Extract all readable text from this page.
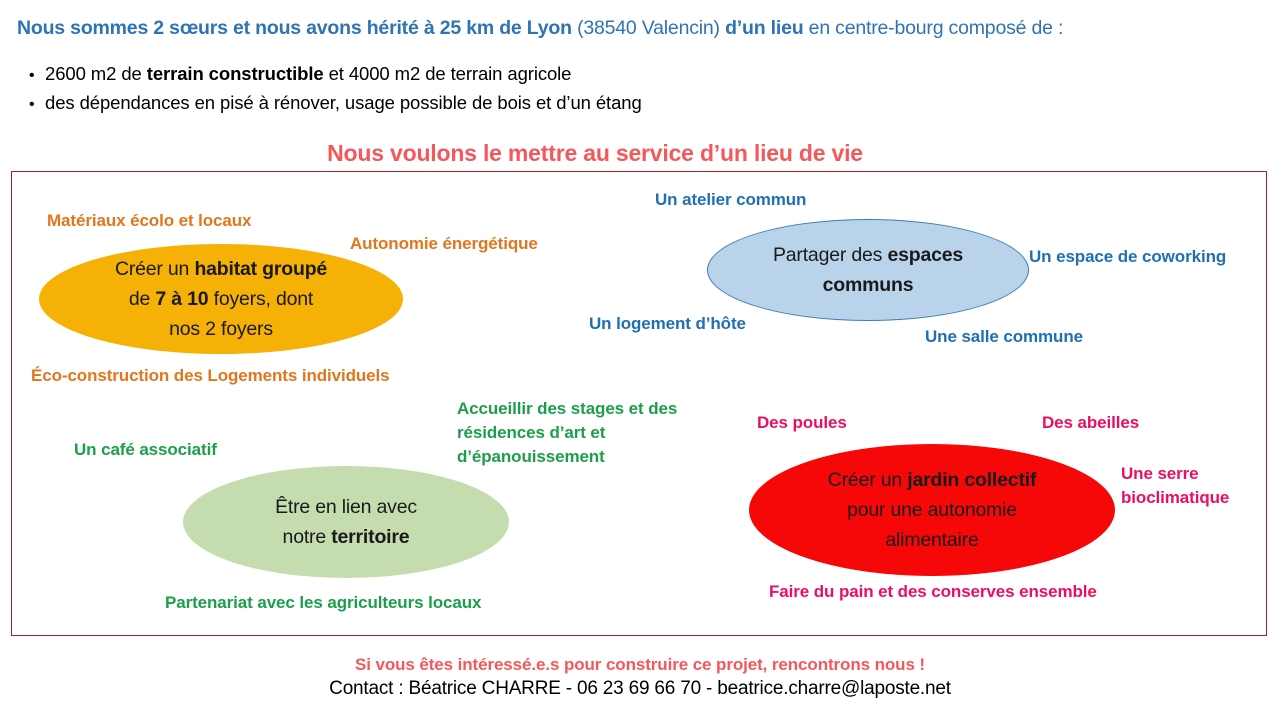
Nous sommes 2 sœurs et nous avons hérité à 25 km de Lyon (38540 Valencin) d’un lieu en centre-bourg composé de :
• 2600 m2 de terrain constructible et 4000 m2 de terrain agricole
• des dépendances en pisé à rénover, usage possible de bois et d’un étang
Nous voulons le mettre au service d’un lieu de vie
Créer un habitat groupé
de 7 à 10 foyers, dont
nos 2 foyers
Matériaux écolo et locaux
Autonomie énergétique
Éco-construction des Logements individuels
Partager des espaces
communs
Un atelier commun
Un espace de coworking
Un logement d’hôte
Une salle commune
Être en lien avec
notre territoire
Un café associatif
Accueillir des stages et des résidences d’art et d’épanouissement
Partenariat avec les agriculteurs locaux
Créer un jardin collectif
pour une autonomie
alimentaire
Des poules	Des abeilles
Une serre bioclimatique
Faire du pain et des conserves ensemble
Si vous êtes intéressé.e.s pour construire ce projet, rencontrons nous !
Contact : Béatrice CHARRE - 06 23 69 66 70 - beatrice.charre@laposte.net
